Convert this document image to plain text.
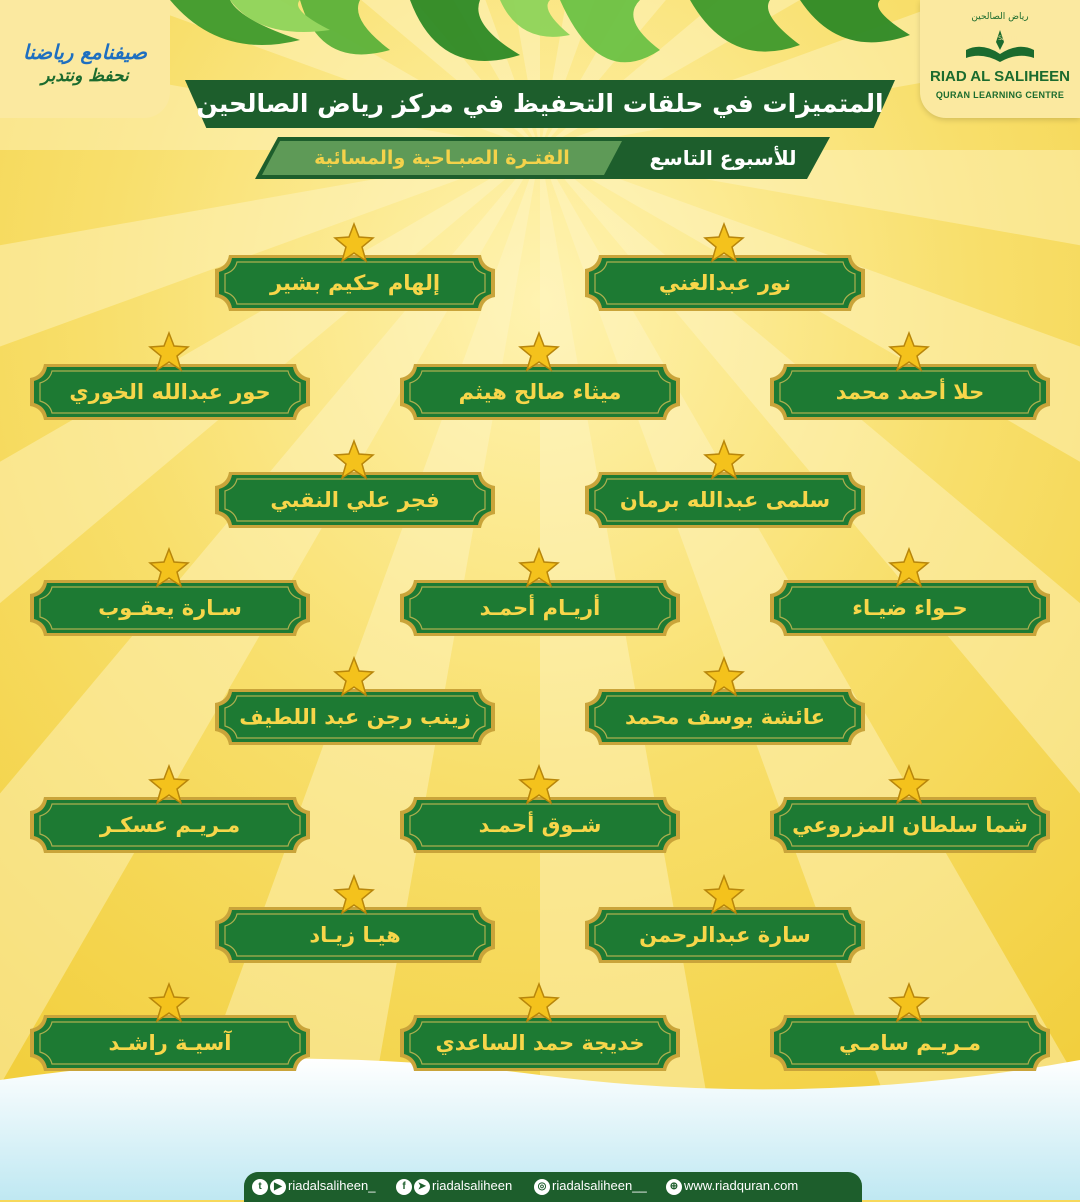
صيفنامع رياضنا
نحفظ ونتدبر
رياض الصالحين
RIAD AL SALIHEEN
RIAD AL SALIHEEN
QURAN LEARNING CENTRE
المتميزات في حلقات التحفيظ في مركز رياض الصالحين
للأسبوع التاسع
الفتـرة الصبـاحية والمسائية
نور عبدالغني
إلهام حكيم بشير
حلا أحمد محمد
ميثاء صالح هيثم
حور عبدالله الخوري
سلمى عبدالله برمان
فجر علي النقبي
حـواء ضيـاء
أريـام أحمـد
سـارة يعقـوب
عائشة يوسف محمد
زينب رجن عبد اللطيف
شما سلطان المزروعي
شـوق أحمـد
مـريـم عسكـر
سارة عبدالرحمن
هيـا زيـاد
مـريـم سامـي
خديجة حمد الساعدي
آسيـة راشـد
t ▶ riadalsaliheen_	f ➤ riadalsaliheen	◎ riadalsaliheen__	⊕ www.riadquran.com
